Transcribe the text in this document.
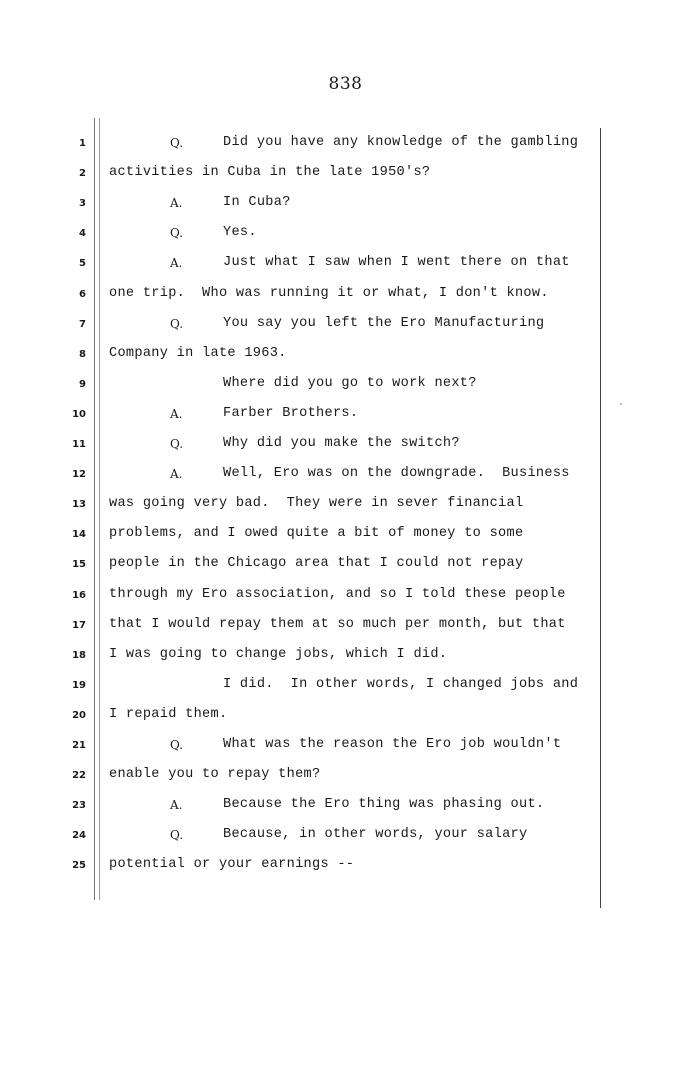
838
1	Q.	Did you have any knowledge of the gambling
2 activities in Cuba in the late 1950's?
3	A.	In Cuba?
4	Q.	Yes.
5	A.	Just what I saw when I went there on that
6 one trip.  Who was running it or what, I don't know.
7	Q.	You say you left the Ero Manufacturing
8 Company in late 1963.
9	Where did you go to work next?
10	A.	Farber Brothers.
11	Q.	Why did you make the switch?
12	A.	Well, Ero was on the downgrade.  Business
13 was going very bad.  They were in sever financial
14 problems, and I owed quite a bit of money to some
15 people in the Chicago area that I could not repay
16 through my Ero association, and so I told these people
17 that I would repay them at so much per month, but that
18 I was going to change jobs, which I did.
19	I did.  In other words, I changed jobs and
20 I repaid them.
21	Q.	What was the reason the Ero job wouldn't
22 enable you to repay them?
23	A.	Because the Ero thing was phasing out.
24	Q.	Because, in other words, your salary
25 potential or your earnings --
